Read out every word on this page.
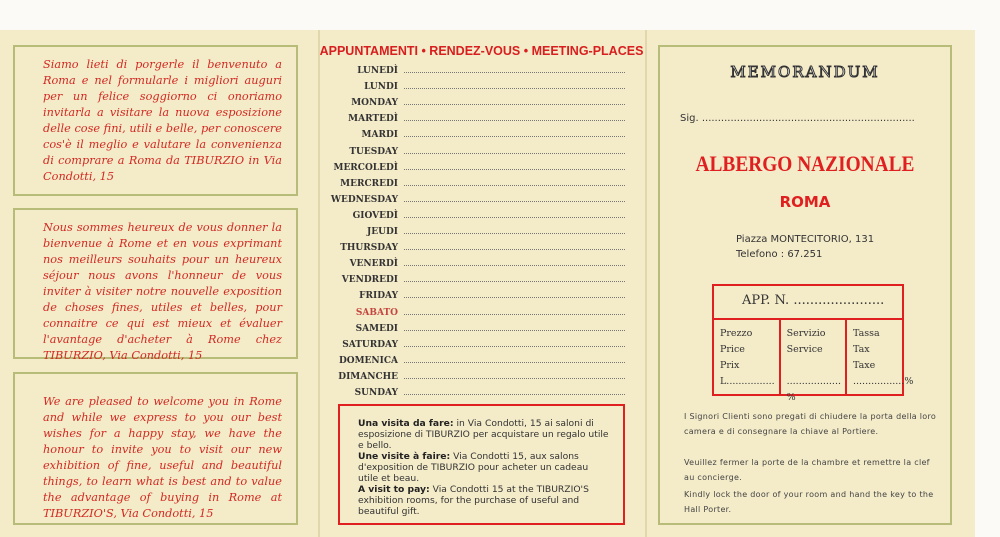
Siamo lieti di porgerle il benvenuto a Roma e nel formularle i migliori auguri per un felice soggiorno ci onoriamo invitarla a visitare la nuova esposizione delle cose fini, utili e belle, per conoscere cos'è il meglio e valutare la convenienza di comprare a Roma da TIBURZIO in Via Condotti, 15
Nous sommes heureux de vous donner la bienvenue à Rome et en vous exprimant nos meilleurs souhaits pour un heureux séjour nous avons l'honneur de vous inviter à visiter notre nouvelle exposition de choses fines, utiles et belles, pour connaitre ce qui est mieux et évaluer l'avantage d'acheter à Rome chez TIBURZIO, Via Condotti, 15
We are pleased to welcome you in Rome and while we express to you our best wishes for a happy stay, we have the honour to invite you to visit our new exhibition of fine, useful and beautiful things, to learn what is best and to value the advantage of buying in Rome at TIBURZIO'S, Via Condotti, 15
APPUNTAMENTI • RENDEZ-VOUS • MEETING-PLACES
LUNEDÌ
LUNDI
MONDAY
MARTEDÌ
MARDI
TUESDAY
MERCOLEDÌ
MERCREDI
WEDNESDAY
GIOVEDÌ
JEUDI
THURSDAY
VENERDÌ
VENDREDI
FRIDAY
SABATO
SAMEDI
SATURDAY
DOMENICA
DIMANCHE
SUNDAY
Una visita da fare: in Via Condotti, 15 ai saloni di esposizione di TIBURZIO per acquistare un regalo utile e bello.
Une visite à faire: Via Condotti 15, aux salons d'exposition de TIBURZIO pour acheter un cadeau utile et beau.
A visit to pay: Via Condotti 15 at the TIBURZIO'S exhibition rooms, for the purchase of useful and beautiful gift.
MEMORANDUM
Sig. ...................................................................
ALBERGO NAZIONALE
ROMA
Piazza MONTECITORIO, 131
Telefono : 67.251
APP. N. ......................
Prezzo
Price
Prix
L................
Servizio
Service
.................. %
Tassa
Tax
Taxe
.................%
I Signori Clienti sono pregati di chiudere la porta della loro camera e di consegnare la chiave al Portiere.
Veuillez fermer la porte de la chambre et remettre la clef au concierge.
Kindly lock the door of your room and hand the key to the Hall Porter.
